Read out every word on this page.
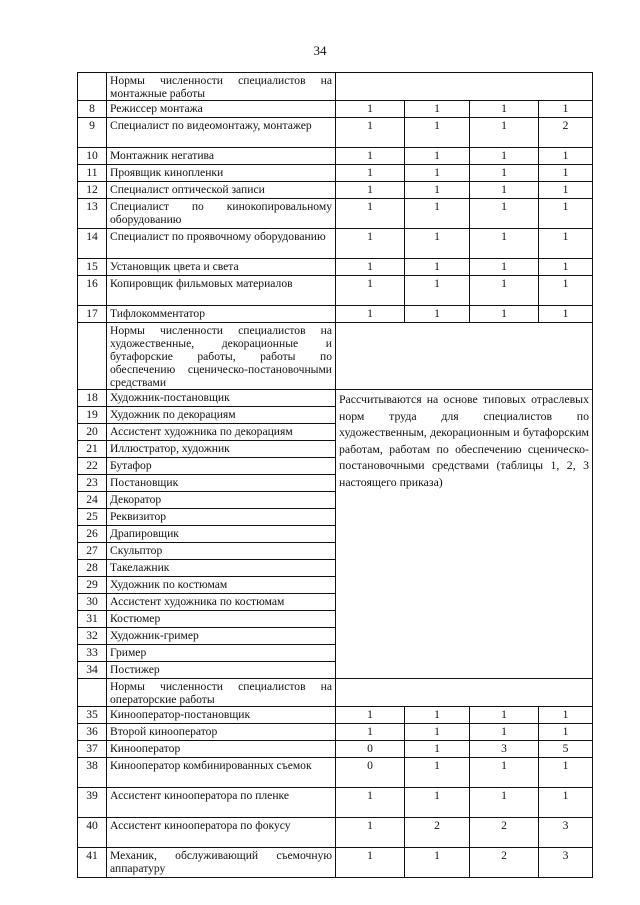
34
	Нормы численности специалистов на монтажные работы				
8	Режиссер монтажа	1	1	1	1
9	Специалист по видеомонтажу, монтажер	1	1	1	2
10	Монтажник негатива	1	1	1	1
11	Проявщик кинопленки	1	1	1	1
12	Специалист оптической записи	1	1	1	1
13	Специалист по кинокопировальному оборудованию	1	1	1	1
14	Специалист по проявочному оборудованию	1	1	1	1
15	Установщик цвета и света	1	1	1	1
16	Копировщик фильмовых материалов	1	1	1	1
17	Тифлокомментатор	1	1	1	1
	Нормы численности специалистов на художественные, декорационные и бутафорские работы, работы по обеспечению сценическо-постановочными средствами				
18	Художник-постановщик	Рассчитываются на основе типовых отраслевых норм труда для специалистов по художественным, декорационным и бутафорским работам, работам по обеспечению сценическо-постановочными средствами (таблицы 1, 2, 3 настоящего приказа)			
19	Художник по декорациям				
20	Ассистент художника по декорациям				
21	Иллюстратор, художник				
22	Бутафор				
23	Постановщик				
24	Декоратор				
25	Реквизитор				
26	Драпировщик				
27	Скульптор				
28	Такелажник				
29	Художник по костюмам				
30	Ассистент художника по костюмам				
31	Костюмер				
32	Художник-гример				
33	Гример				
34	Постижер				
	Нормы численности специалистов на операторские работы				
35	Кинооператор-постановщик	1	1	1	1
36	Второй кинооператор	1	1	1	1
37	Кинооператор	0	1	3	5
38	Кинооператор комбинированных съемок	0	1	1	1
39	Ассистент кинооператора по пленке	1	1	1	1
40	Ассистент кинооператора по фокусу	1	2	2	3
41	Механик, обслуживающий съемочную аппаратуру	1	1	2	3
